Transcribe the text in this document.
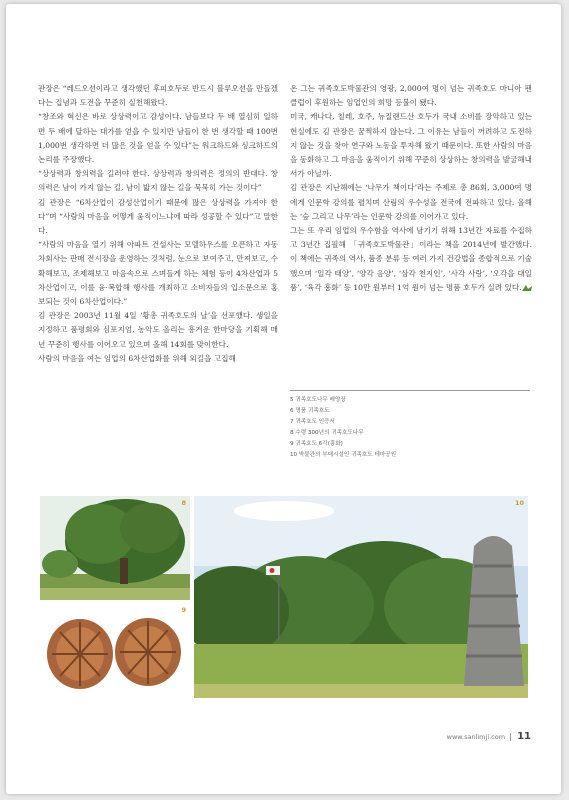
관장은 “레드오션이라고 생각했던 후피호두로 반드시 블루오션을 만들겠다는 집념과 도전을 꾸준히 실천해왔다.

“창조와 혁신은 바로 상상력이고 감성이다. 남들보다 두 배 열심히 일하면 두 배에 달하는 대가를 얻을 수 있지만 남들이 한 번 생각할 때 100번 1,000번 생각하면 더 많은 것을 얻을 수 있다”는 워크하드와 싱크하드의 논리를 주장했다.

“상상력과 창의력을 길러야 한다. 상상력과 창의력은 정의의 반대다. 창의력은 남이 가지 않는 길, 남이 밟지 않는 길을 묵묵히 가는 것이다”

김 관장은 “6차산업이 감성산업이기 때문에 많은 상상력을 가져야 한다”며 “사람의 마음을 어떻게 움직이느냐에 따라 성공할 수 있다”고 말한다.

“사람의 마음을 열기 위해 아파트 건설사는 모델하우스를 오픈하고 자동차회사는 판매 전시장을 운영하는 것처럼, 눈으로 보여주고, 만져보고, 수확해보고, 조제해보고 마음속으로 스며들게 하는 체험 등이 4차산업과 5차산업이고, 이를 융·복합해 행사를 개최하고 소비자들의 입소문으로 홍보되는 것이 6차산업이다.”

김 관장은 2003년 11월 4일 ‘황총 귀족호도의 날’을 선포했다. 생일을 지정하고 품평회와 심포지엄, 농악도 올리는 흥겨운 한마당을 기획해 매년 꾸준히 행사를 이어오고 있으며 올해 14회를 맞이한다.

사람의 마음을 여는 임업의 6차산업화를 위해 외길을 고집해

온 그는 귀족호도박물관의 영광, 2,000여 명이 넘는 귀족호도 마니아 팬클럽이 후원하는 임업인의 희망 등불이 됐다.

미국, 캐나다, 칠레, 호주, 뉴질랜드산 호두가 국내 소비를 장악하고 있는 현실에도 김 관장은 꿈쩍하지 않는다. 그 이유는 남들이 꺼려하고 도전하지 않는 것을 찾아 연구와 노동을 투자해 왔기 때문이다. 또한 사람의 마음을 동화하고 그 마음을 움직이기 위해 꾸준히 상상하는 창의력을 발굴해내서가 아닐까.

김 관장은 지난해에는 ‘나무가 책이다’라는 주제로 총 86회, 3,000여 명에게 인문학 강의를 펼치며 산림의 우수성을 전국에 전파하고 있다. 올해는 ‘숲 그리고 나무’라는 인문학 강의를 이어가고 있다.

그는 또 우리 임업의 우수함을 역사에 남기기 위해 13년간 자료를 수집하고 3년간 집필해 「귀족호도박물관」이라는 책을 2014년에 발간했다. 이 책에는 귀족의 역사, 품종 분류 등 여러 가지 건강법을 종합적으로 기술했으며 ‘일각 태양’, ‘양각 음양’, ‘삼각 천지인’, ‘사각 사랑’, ‘오각을 대일품’, ‘육각 흥화’ 등 10만 원부터 1억 원이 넘는 명품 호두가 실려 있다.

5 귀족호도나무 배양장
6 명품 귀족호도
7 귀족호도 인증서
8 수령 300년의 귀족호도나무
9 귀족호도 6각(흥화)
10 박물관의 부대시설인 귀족호도 테마공원
8
9
10
www.sanlimji.com 11
